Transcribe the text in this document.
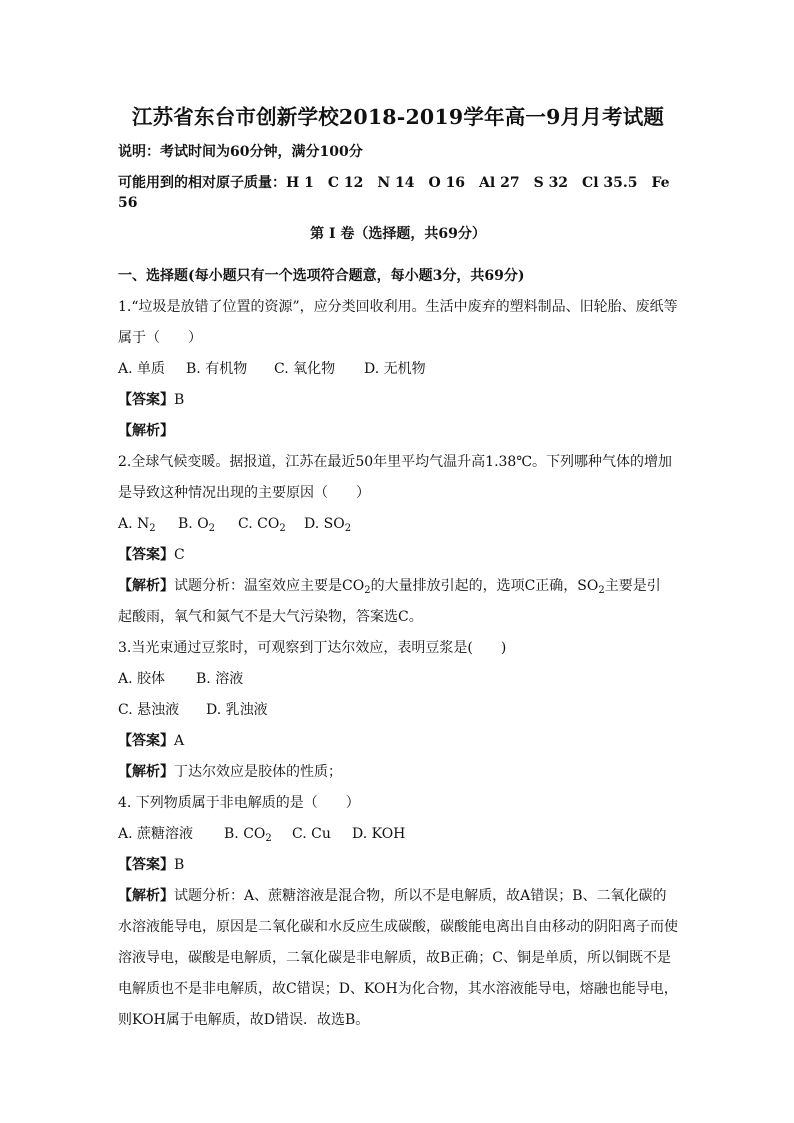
江苏省东台市创新学校2018-2019学年高一9月月考试题

说明：考试时间为60分钟，满分100分

可能用到的相对原子质量：H 1　C 12　N 14　O 16　Al 27　S 32　Cl 35.5　Fe 56

第 Ⅰ 卷（选择题，共69分）

一、选择题(每小题只有一个选项符合题意，每小题3分，共69分)

1.“垃圾是放错了位置的资源”，应分类回收利用。生活中废弃的塑料制品、旧轮胎、废纸等

属于（　　）

A. 单质	B. 有机物	C. 氧化物	D. 无机物

【答案】B

【解析】

2.全球气候变暖。据报道，江苏在最近50年里平均气温升高1.38℃。下列哪种气体的增加

是导致这种情况出现的主要原因（　　）

A. $N_2$	B. $O_2$	C. $CO_2$	D. $SO_2$

【答案】C

【解析】试题分析：温室效应主要是$CO_2$的大量排放引起的，选项C正确，$SO_2$主要是引

起酸雨，氧气和氮气不是大气污染物，答案选C。

3.当光束通过豆浆时，可观察到丁达尔效应，表明豆浆是(　　)

A. 胶体	B. 溶液

C. 悬浊液	D. 乳浊液

【答案】A

【解析】丁达尔效应是胶体的性质；

4. 下列物质属于非电解质的是（　　）

A. 蔗糖溶液	B. $CO_2$	C. Cu	D. KOH

【答案】B

【解析】试题分析：A、蔗糖溶液是混合物，所以不是电解质，故A错误；B、二氧化碳的

水溶液能导电，原因是二氧化碳和水反应生成碳酸，碳酸能电离出自由移动的阴阳离子而使

溶液导电，碳酸是电解质，二氧化碳是非电解质，故B正确；C、铜是单质，所以铜既不是

电解质也不是非电解质，故C错误；D、KOH为化合物，其水溶液能导电，熔融也能导电，

则KOH属于电解质，故D错误．故选B。
